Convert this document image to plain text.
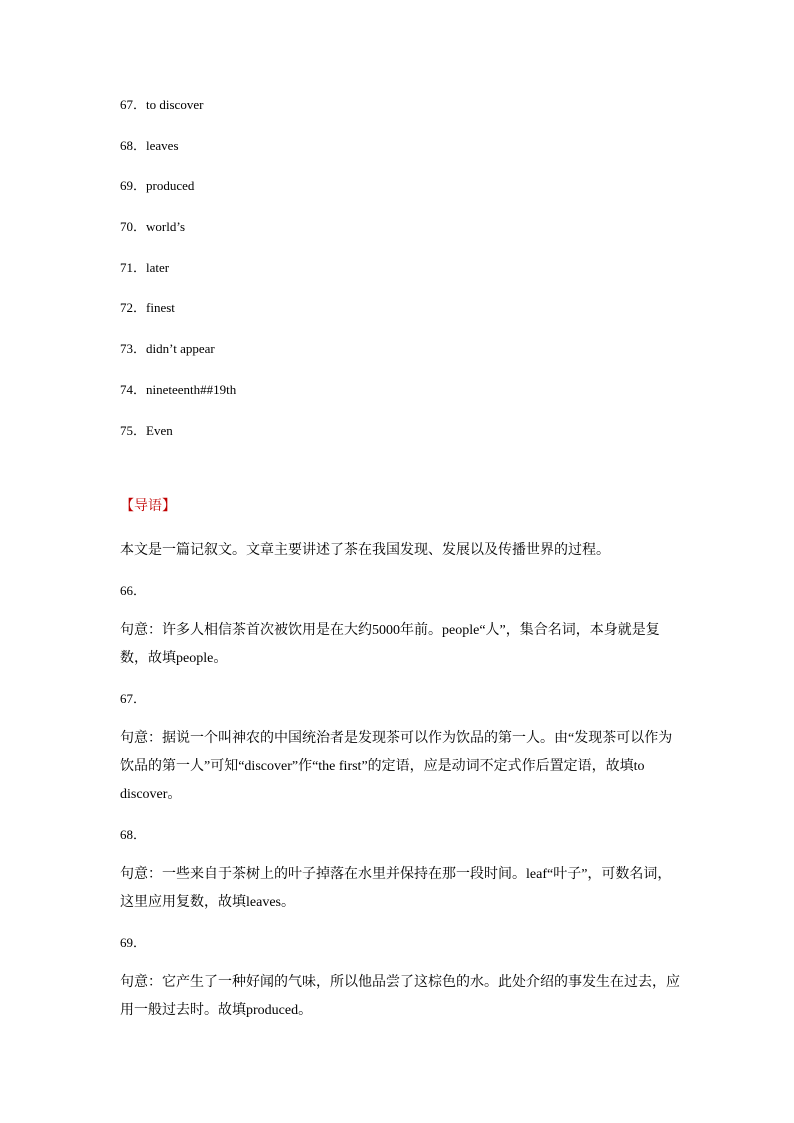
67．to discover
68．leaves
69．produced
70．world’s
71．later
72．finest
73．didn’t appear
74．nineteenth##19th
75．Even
【导语】

本文是一篇记叙文。文章主要讲述了茶在我国发现、发展以及传播世界的过程。

66．

句意：许多人相信茶首次被饮用是在大约5000年前。people“人”，集合名词，本身就是复数，故填people。

67．

句意：据说一个叫神农的中国统治者是发现茶可以作为饮品的第一人。由“发现茶可以作为饮品的第一人”可知“discover”作“the first”的定语，应是动词不定式作后置定语，故填to discover。

68．

句意：一些来自于茶树上的叶子掉落在水里并保持在那一段时间。leaf“叶子”，可数名词，这里应用复数，故填leaves。

69．

句意：它产生了一种好闻的气味，所以他品尝了这棕色的水。此处介绍的事发生在过去，应用一般过去时。故填produced。
